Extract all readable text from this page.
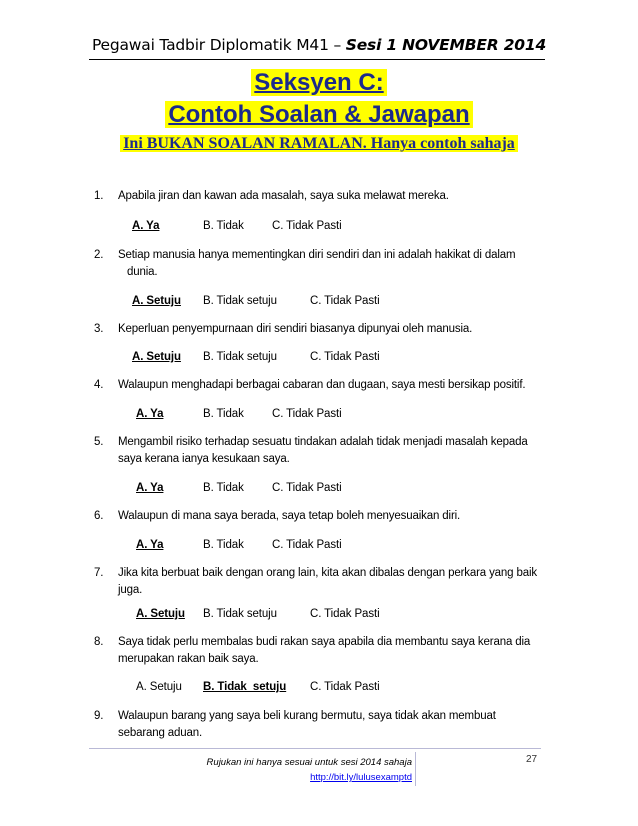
Pegawai Tadbir Diplomatik M41 – Sesi 1 NOVEMBER 2014
Seksyen C:
Contoh Soalan & Jawapan
Ini BUKAN SOALAN RAMALAN. Hanya contoh sahaja
1. Apabila jiran dan kawan ada masalah, saya suka melawat mereka.
A. Ya	B. Tidak C. Tidak Pasti
2. Setiap manusia hanya mementingkan diri sendiri dan ini adalah hakikat di dalam
dunia.
A. Setuju B. Tidak setuju	C. Tidak Pasti
3. Keperluan penyempurnaan diri sendiri biasanya dipunyai oleh manusia.
A. Setuju B. Tidak setuju	C. Tidak Pasti
4. Walaupun menghadapi berbagai cabaran dan dugaan, saya mesti bersikap positif.
A. Ya	B. Tidak C. Tidak Pasti
5. Mengambil risiko terhadap sesuatu tindakan adalah tidak menjadi masalah kepada
saya kerana ianya kesukaan saya.
A. Ya	B. Tidak C. Tidak Pasti
6. Walaupun di mana saya berada, saya tetap boleh menyesuaikan diri.
A. Ya	B. Tidak C. Tidak Pasti
7. Jika kita berbuat baik dengan orang lain, kita akan dibalas dengan perkara yang baik
juga.
A. Setuju B. Tidak setuju	C. Tidak Pasti
8. Saya tidak perlu membalas budi rakan saya apabila dia membantu saya kerana dia
merupakan rakan baik saya.
A. Setuju B. Tidak  setuju C. Tidak Pasti
9. Walaupun barang yang saya beli kurang bermutu, saya tidak akan membuat
sebarang aduan.
Rujukan ini hanya sesuai untuk sesi 2014 sahaja
http://bit.ly/lulusexamptd
27
